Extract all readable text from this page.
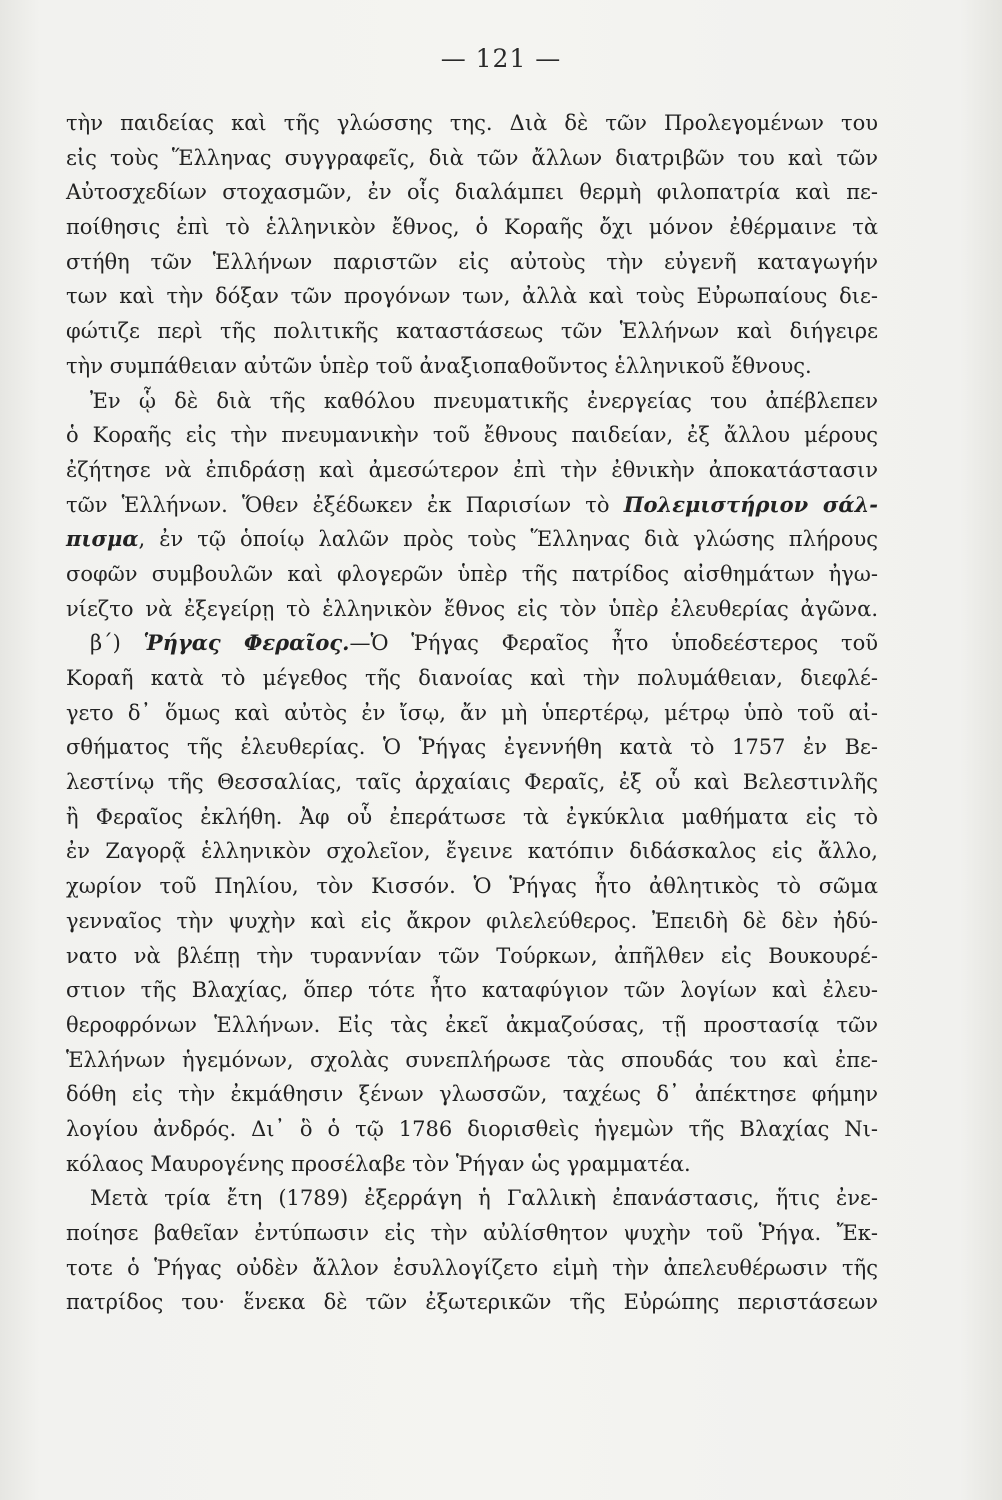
— 121 —
τὴν παιδείας καὶ τῆς γλώσσης της. Διὰ δὲ τῶν Προλεγομένων του
εἰς τοὺς Ἕλληνας συγγραφεῖς, διὰ τῶν ἄλλων διατριβῶν του καὶ τῶν
Αὐτοσχεδίων στοχασμῶν, ἐν οἷς διαλάμπει θερμὴ φιλοπατρία καὶ πε-
ποίθησις ἐπὶ τὸ ἑλληνικὸν ἔθνος, ὁ Κοραῆς ὄχι μόνον ἐθέρμαινε τὰ
στήθη τῶν Ἑλλήνων παριστῶν εἰς αὐτοὺς τὴν εὐγενῆ καταγωγήν
των καὶ τὴν δόξαν τῶν προγόνων των, ἀλλὰ καὶ τοὺς Εὐρωπαίους διε-
φώτιζε περὶ τῆς πολιτικῆς καταστάσεως τῶν Ἑλλήνων καὶ διήγειρε
τὴν συμπάθειαν αὐτῶν ὑπὲρ τοῦ ἀναξιοπαθοῦντος ἑλληνικοῦ ἔθνους.
Ἐν ᾧ δὲ διὰ τῆς καθόλου πνευματικῆς ἐνεργείας του ἀπέβλεπεν
ὁ Κοραῆς εἰς τὴν πνευμανικὴν τοῦ ἔθνους παιδείαν, ἐξ ἄλλου μέρους
ἐζήτησε νὰ ἐπιδράσῃ καὶ ἀμεσώτερον ἐπὶ τὴν ἐθνικὴν ἀποκατάστασιν
τῶν Ἑλλήνων. Ὅθεν ἐξέδωκεν ἐκ Παρισίων τὸ Πολεμιστήριον σάλ-
πισμα, ἐν τῷ ὁποίῳ λαλῶν πρὸς τοὺς Ἕλληνας διὰ γλώσης πλήρους
σοφῶν συμβουλῶν καὶ φλογερῶν ὑπὲρ τῆς πατρίδος αἰσθημάτων ἠγω-
νίεζτο νὰ ἐξεγείρῃ τὸ ἑλληνικὸν ἔθνος εἰς τὸν ὑπὲρ ἐλευθερίας ἀγῶνα.
β´) Ῥήγας Φεραῖος.—Ὁ Ῥήγας Φεραῖος ἦτο ὑποδεέστερος τοῦ
Κοραῆ κατὰ τὸ μέγεθος τῆς διανοίας καὶ τὴν πολυμάθειαν, διεφλέ-
γετο δ᾽ ὅμως καὶ αὐτὸς ἐν ἴσῳ, ἄν μὴ ὑπερτέρῳ, μέτρῳ ὑπὸ τοῦ αἰ-
σθήματος τῆς ἐλευθερίας. Ὁ Ῥήγας ἐγεννήθη κατὰ τὸ 1757 ἐν Βε-
λεστίνῳ τῆς Θεσσαλίας, ταῖς ἀρχαίαις Φεραῖς, ἐξ οὗ καὶ Βελεστινλῆς
ἢ Φεραῖος ἐκλήθη. Ἀφ οὗ ἐπεράτωσε τὰ ἐγκύκλια μαθήματα εἰς τὸ
ἐν Ζαγορᾷ ἑλληνικὸν σχολεῖον, ἔγεινε κατόπιν διδάσκαλος εἰς ἄλλο,
χωρίον τοῦ Πηλίου, τὸν Κισσόν. Ὁ Ῥήγας ἦτο ἀθλητικὸς τὸ σῶμα
γενναῖος τὴν ψυχὴν καὶ εἰς ἄκρον φιλελεύθερος. Ἐπειδὴ δὲ δὲν ἠδύ-
νατο νὰ βλέπῃ τὴν τυραννίαν τῶν Τούρκων, ἀπῆλθεν εἰς Βουκουρέ-
στιον τῆς Βλαχίας, ὅπερ τότε ἦτο καταφύγιον τῶν λογίων καὶ ἐλευ-
θεροφρόνων Ἑλλήνων. Εἰς τὰς ἐκεῖ ἀκμαζούσας, τῇ προστασίᾳ τῶν
Ἑλλήνων ἡγεμόνων, σχολὰς συνεπλήρωσε τὰς σπουδάς του καὶ ἐπε-
δόθη εἰς τὴν ἐκμάθησιν ξένων γλωσσῶν, ταχέως δ᾽ ἀπέκτησε φήμην
λογίου ἀνδρός. Δι᾽ ὃ ὁ τῷ 1786 διορισθεὶς ἡγεμὼν τῆς Βλαχίας Νι-
κόλαος Μαυρογένης προσέλαβε τὸν Ῥήγαν ὡς γραμματέα.
Μετὰ τρία ἔτη (1789) ἐξερράγη ἡ Γαλλικὴ ἐπανάστασις, ἥτις ἐνε-
ποίησε βαθεῖαν ἐντύπωσιν εἰς τὴν αὐλίσθητον ψυχὴν τοῦ Ῥήγα. Ἔκ-
τοτε ὁ Ῥήγας οὐδὲν ἄλλον ἐσυλλογίζετο εἰμὴ τὴν ἀπελευθέρωσιν τῆς
πατρίδος του· ἕνεκα δὲ τῶν ἐξωτερικῶν τῆς Εὐρώπης περιστάσεων
